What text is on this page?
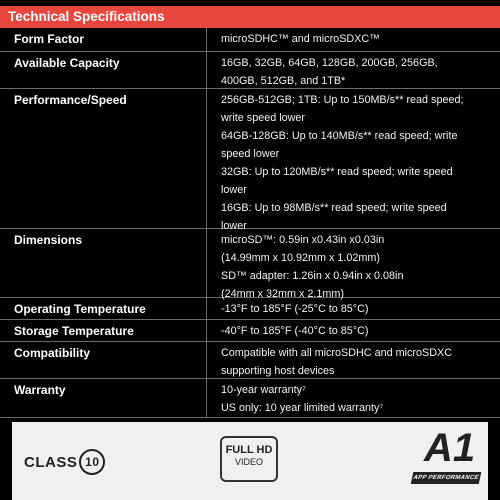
Technical Specifications
Form Factor	microSDHC™ and microSDXC™
Available Capacity	16GB, 32GB, 64GB, 128GB, 200GB, 256GB,
400GB, 512GB, and 1TB*
Performance/Speed	256GB-512GB; 1TB: Up to 150MB/s** read speed;
write speed lower
64GB-128GB: Up to 140MB/s** read speed; write
speed lower
32GB: Up to 120MB/s** read speed; write speed
lower
16GB: Up to 98MB/s** read speed; write speed
lower
Dimensions	microSD™: 0.59in x0.43in x0.03in
(14.99mm x 10.92mm x 1.02mm)
SD™ adapter: 1.26in x 0.94in x 0.08in
(24mm x 32mm x 2.1mm)
Operating Temperature	-13°F to 185°F (-25°C to 85°C)
Storage Temperature	-40°F to 185°F (-40°C to 85°C)
Compatibility	Compatible with all microSDHC and microSDXC
supporting host devices
Warranty	10-year warranty⁷
US only: 10 year limited warranty⁷
CLASS 10
FULL HD
VIDEO	A1
APP PERFORMANCE
